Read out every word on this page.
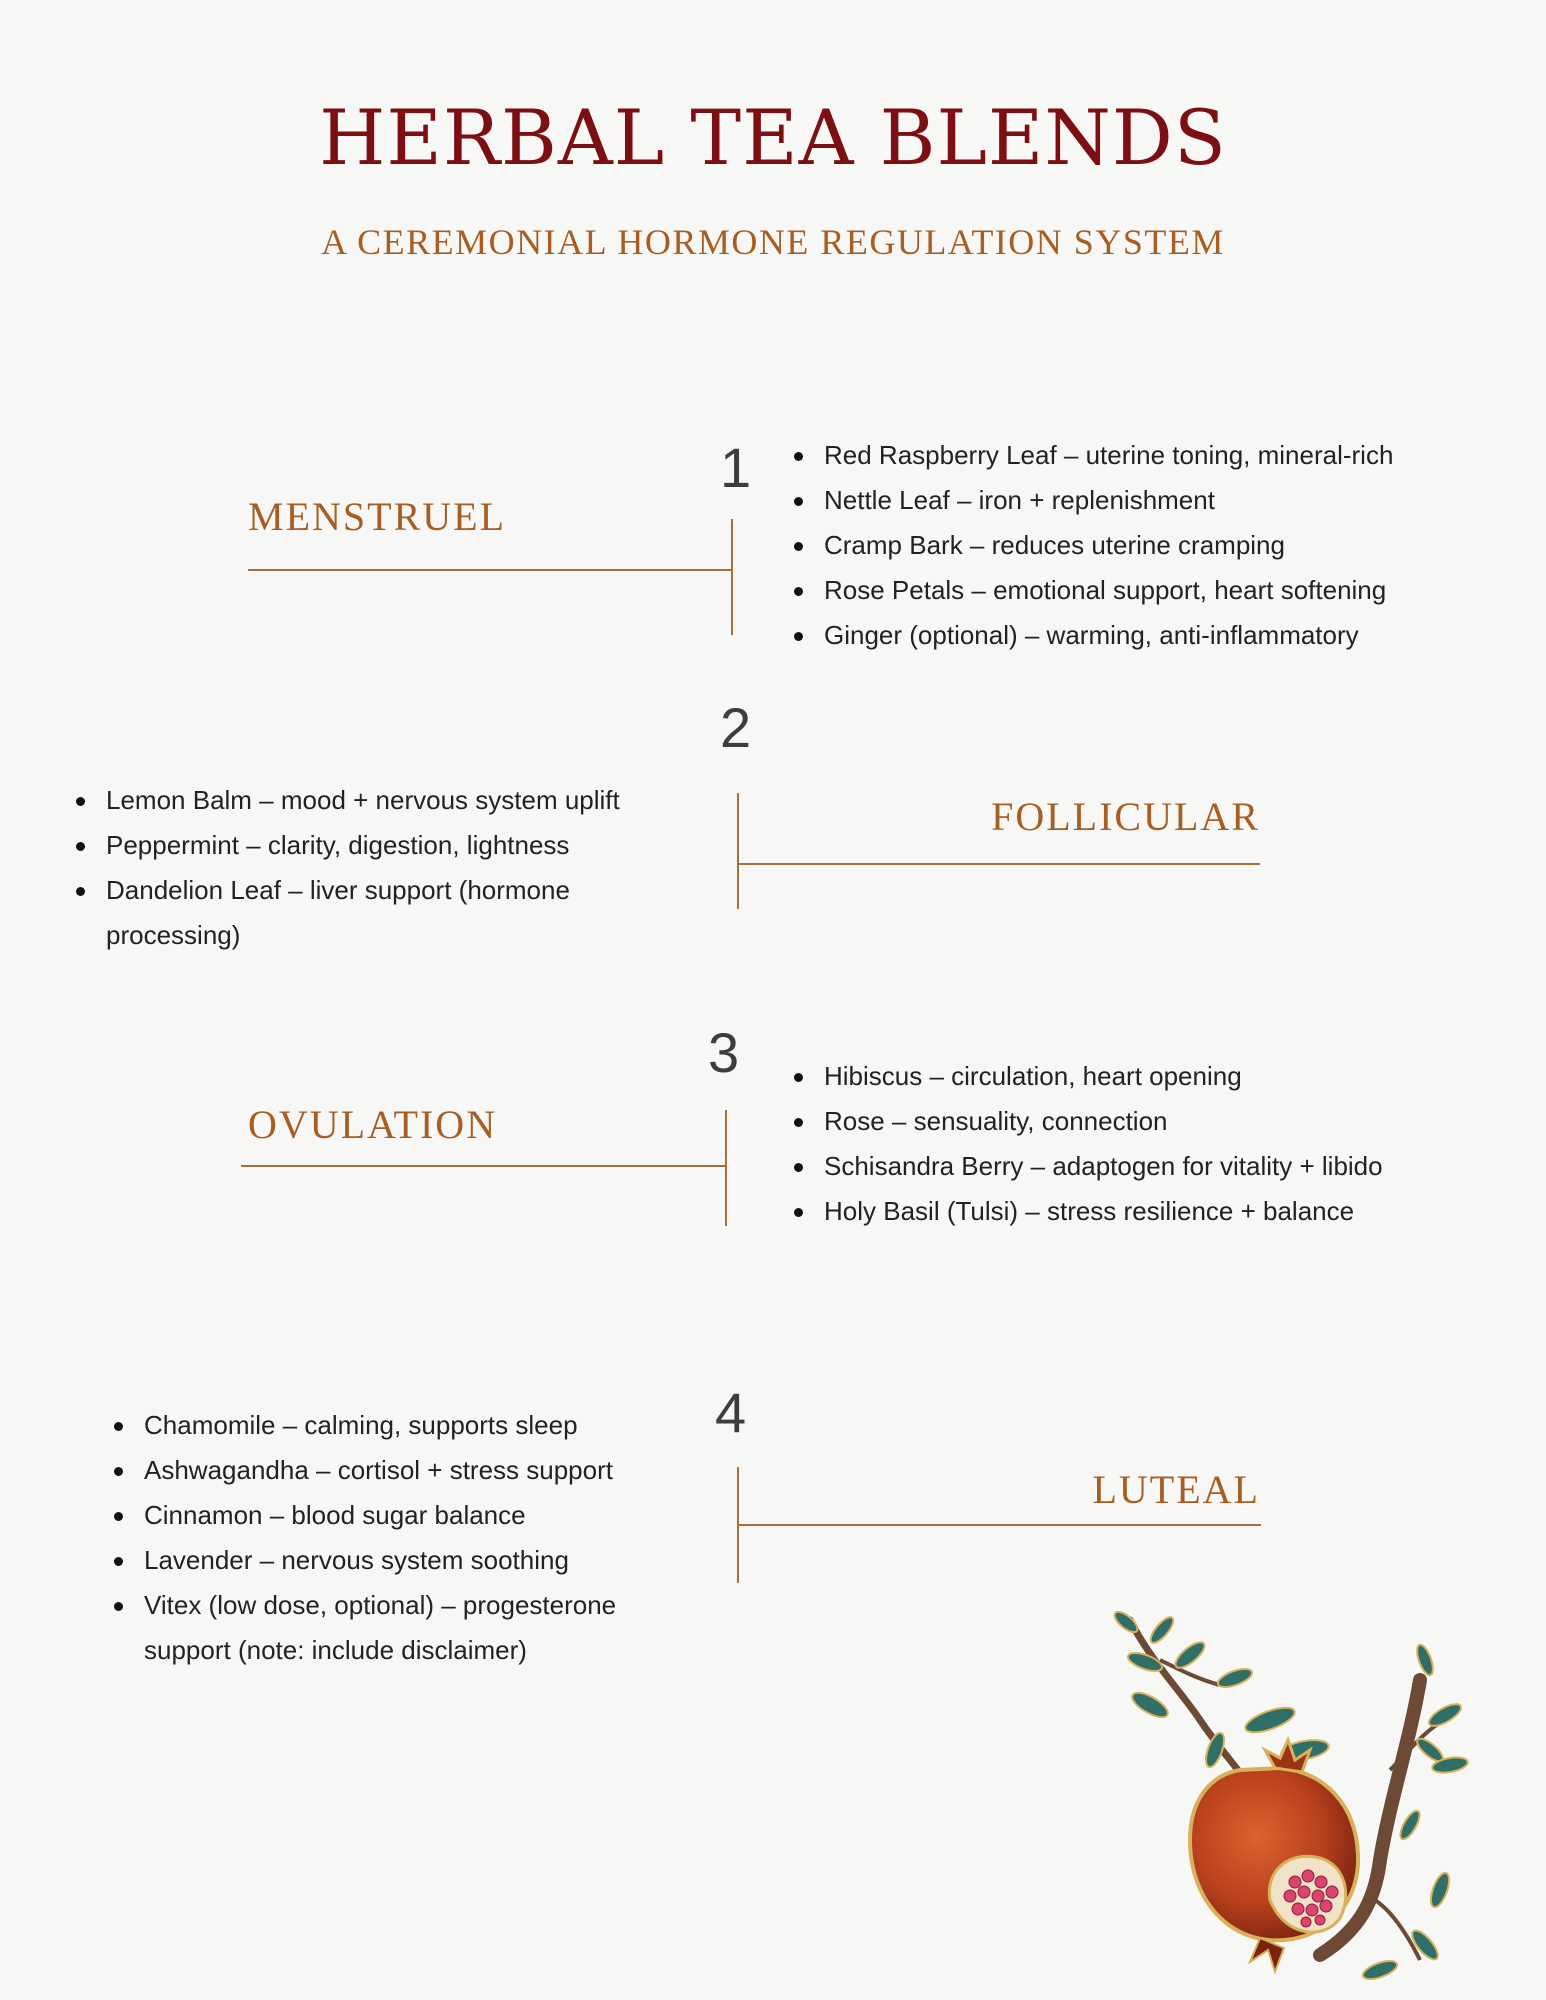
HERBAL TEA BLENDS
A CEREMONIAL HORMONE REGULATION SYSTEM
1
MENSTRUEL
Red Raspberry Leaf – uterine toning, mineral-rich
Nettle Leaf – iron + replenishment
Cramp Bark – reduces uterine cramping
Rose Petals – emotional support, heart softening
Ginger (optional) – warming, anti-inflammatory
2
FOLLICULAR
Lemon Balm – mood + nervous system uplift
Peppermint – clarity, digestion, lightness
Dandelion Leaf – liver support (hormone processing)
3
OVULATION
Hibiscus – circulation, heart opening
Rose – sensuality, connection
Schisandra Berry – adaptogen for vitality + libido
Holy Basil (Tulsi) – stress resilience + balance
4
LUTEAL
Chamomile – calming, supports sleep
Ashwagandha – cortisol + stress support
Cinnamon – blood sugar balance
Lavender – nervous system soothing
Vitex (low dose, optional) – progesterone support (note: include disclaimer)
